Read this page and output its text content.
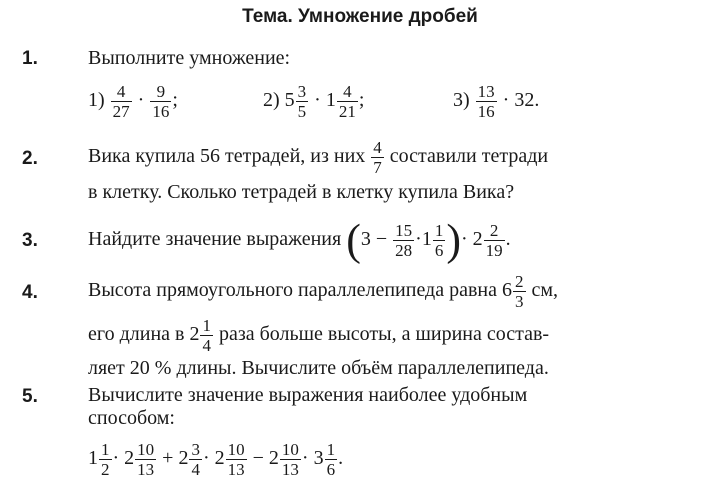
Тема. Умножение дробей
1.	Выполните умножение:
$1) \frac{4}{27} \cdot \frac{9}{16}$ ;	2) $5 \frac{3}{5} \cdot 1 \frac{4}{21}$ ;	$3) \frac{13}{16} \cdot 32$.
2.	Вика купила 56 тетрадей, из них $\frac{4}{7}$ составили тетради
в клетку. Сколько тетрадей в клетку купила Вика?
3.	Найдите значение выражения ($3 - \frac{15}{28} \cdot 1 \frac{1}{6}$ )· $2 \frac{2}{19}$ .
4.	Высота прямоугольного параллелепипеда равна $6 \frac{2}{3}$ см,
его длина в $2 \frac{1}{4}$ раза больше высоты, а ширина состав-
ляет 20 % длины. Вычислите объём параллелепипеда.
5.	Вычислите значение выражения наиболее удобным
способом:
$1 \frac{1}{2} \cdot 2 \frac{10}{13} + 2 \frac{3}{4} \cdot 2 \frac{10}{13} - 2 \frac{10}{13} \cdot 3 \frac{1}{6}$ .
